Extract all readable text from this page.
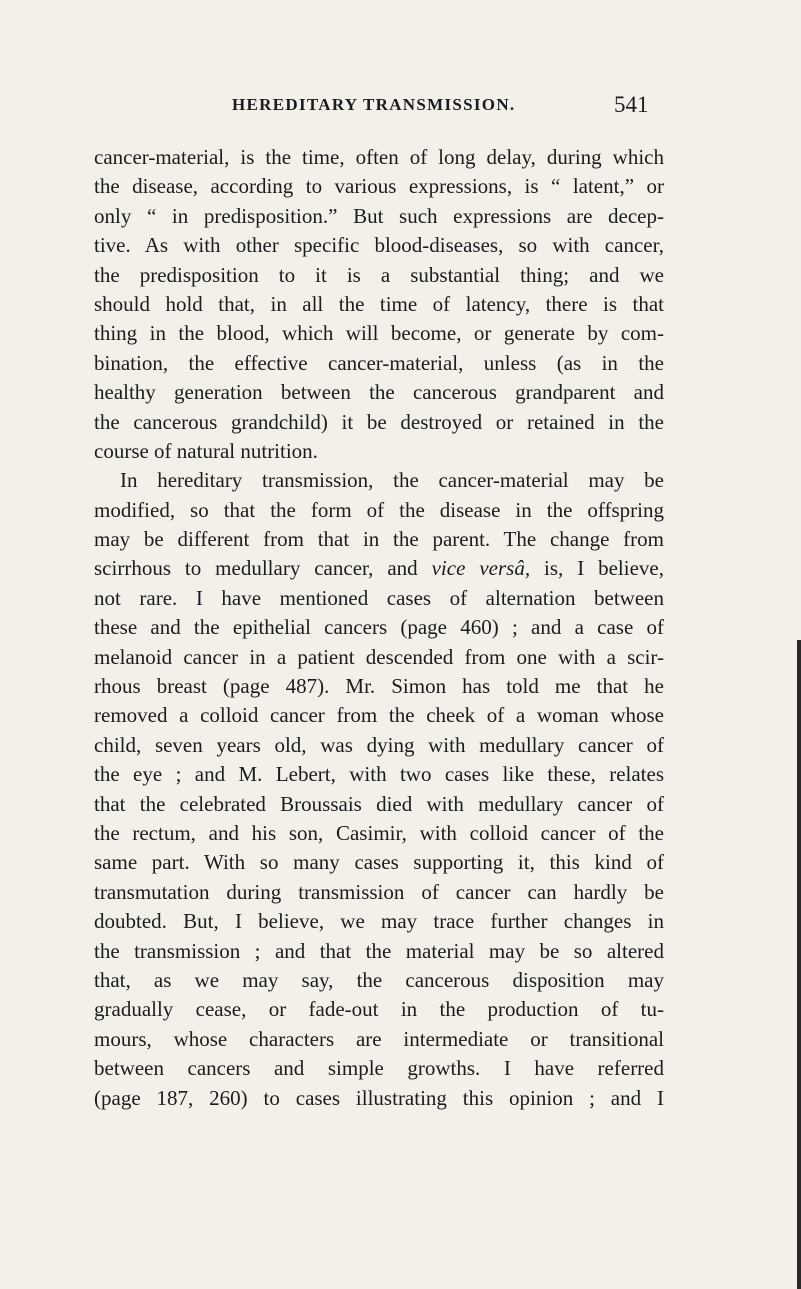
HEREDITARY TRANSMISSION.	541
cancer-material, is the time, often of long delay, during which
the disease, according to various expressions, is “ latent,” or
only “ in predisposition.” But such expressions are decep-
tive. As with other specific blood-diseases, so with cancer,
the predisposition to it is a substantial thing; and we
should hold that, in all the time of latency, there is that
thing in the blood, which will become, or generate by com-
bination, the effective cancer-material, unless (as in the
healthy generation between the cancerous grandparent and
the cancerous grandchild) it be destroyed or retained in the
course of natural nutrition.
In hereditary transmission, the cancer-material may be
modified, so that the form of the disease in the offspring
may be different from that in the parent. The change from
scirrhous to medullary cancer, and vice versâ, is, I believe,
not rare. I have mentioned cases of alternation between
these and the epithelial cancers (page 460) ; and a case of
melanoid cancer in a patient descended from one with a scir-
rhous breast (page 487). Mr. Simon has told me that he
removed a colloid cancer from the cheek of a woman whose
child, seven years old, was dying with medullary cancer of
the eye ; and M. Lebert, with two cases like these, relates
that the celebrated Broussais died with medullary cancer of
the rectum, and his son, Casimir, with colloid cancer of the
same part. With so many cases supporting it, this kind of
transmutation during transmission of cancer can hardly be
doubted. But, I believe, we may trace further changes in
the transmission ; and that the material may be so altered
that, as we may say, the cancerous disposition may
gradually cease, or fade-out in the production of tu-
mours, whose characters are intermediate or transitional
between cancers and simple growths. I have referred
(page 187, 260) to cases illustrating this opinion ; and I
